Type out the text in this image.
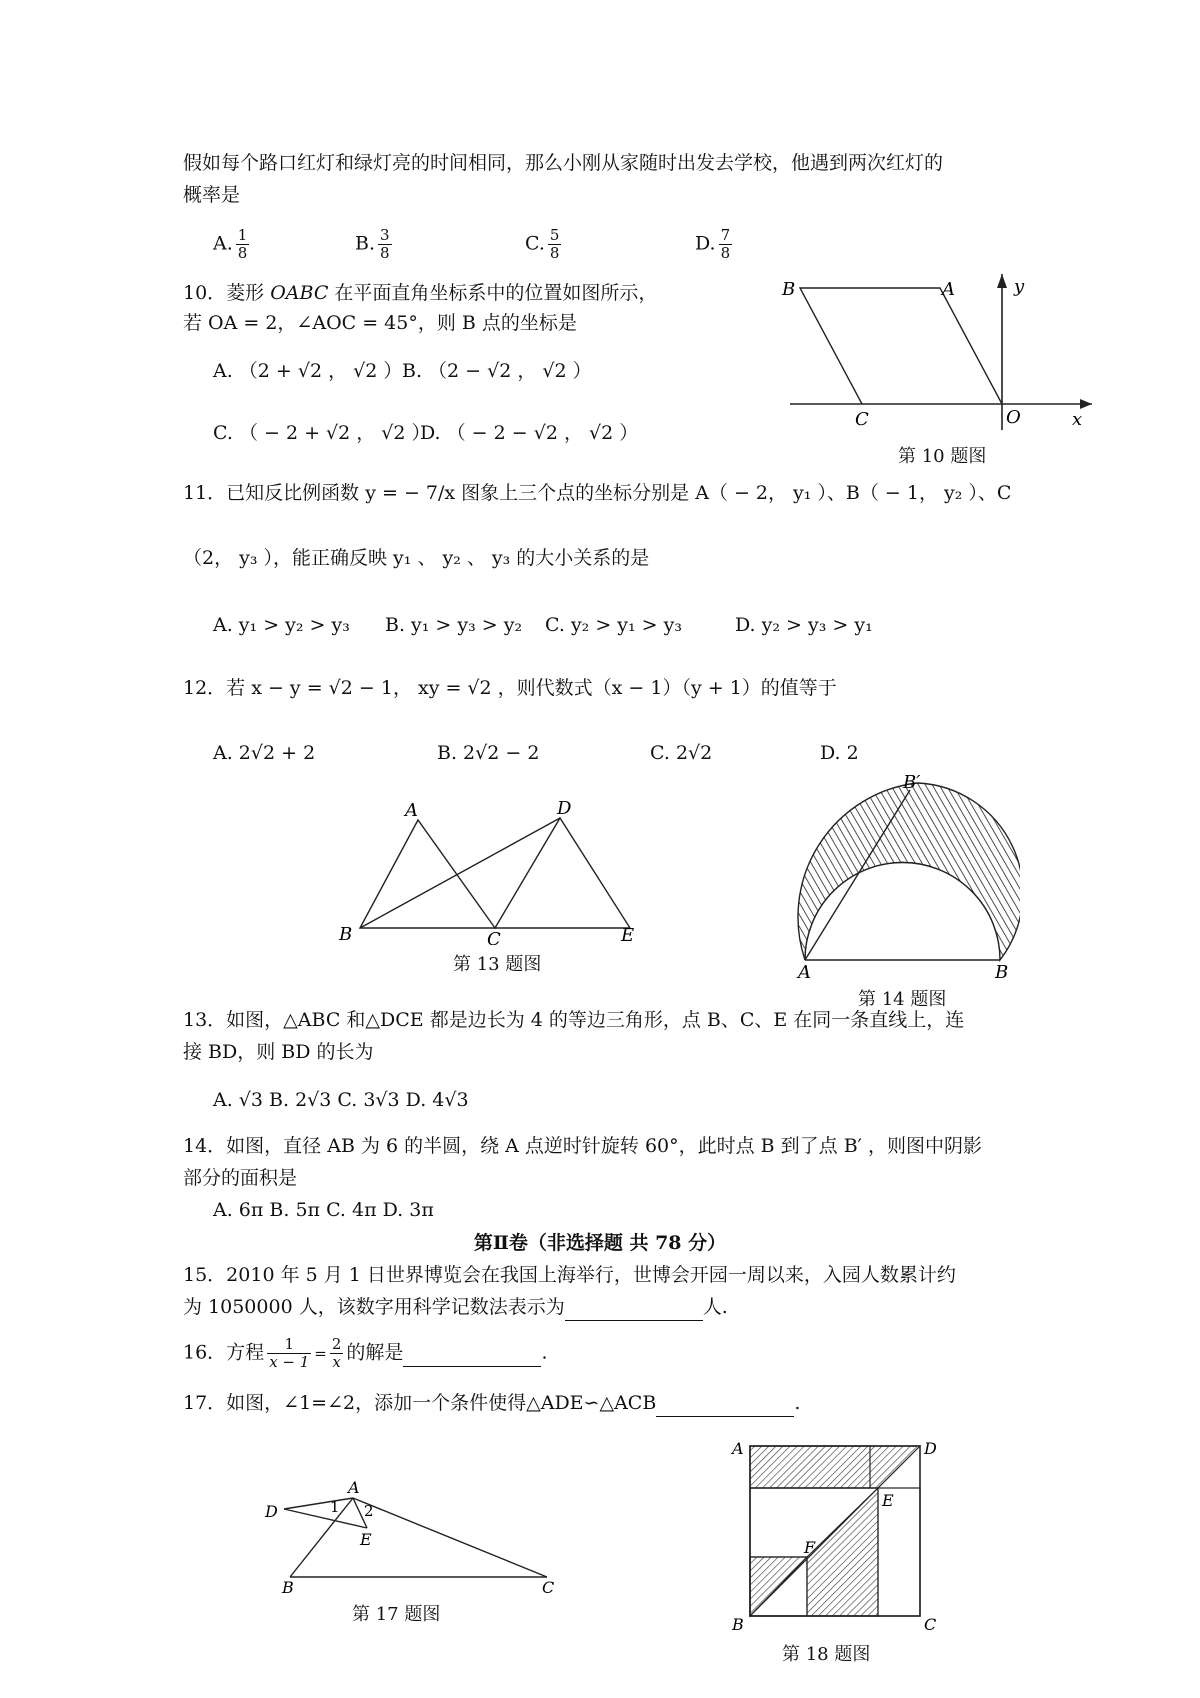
假如每个路口红灯和绿灯亮的时间相同，那么小刚从家随时出发去学校，他遇到两次红灯的
概率是
A. $\frac{1}{8}$	B. $\frac{3}{8}$	C. $\frac{5}{8}$	D. $\frac{7}{8}$
10．菱形 OABC 在平面直角坐标系中的位置如图所示，
若 OA = 2，∠AOC = 45°，则 B 点的坐标是
A. （2 + √2 ， √2 ） B. （2 − √2 ， √2 ）
C. （ − 2 + √2 ， √2 ）
D. （ − 2 − √2 ， √2 ）
B	A	y
C	O	x
第 10 题图
11．已知反比例函数 y = − 7/x 图象上三个点的坐标分别是 A（ − 2， y₁ ）、B（ − 1， y₂ ）、C
（2， y₃ ），能正确反映 y₁ 、 y₂ 、 y₃ 的大小关系的是
A. y₁ > y₂ > y₃ B. y₁ > y₃ > y₂ C. y₂ > y₁ > y₃	D. y₂ > y₃ > y₁
12．若 x − y = √2 − 1， xy = √2 ，则代数式（x − 1）（y + 1）的值等于
A. 2√2 + 2	B. 2√2 − 2	C. 2√2	D. 2
A	D
B	C	E
第 13 题图
B′
A	B
第 14 题图
13．如图，△ABC 和△DCE 都是边长为 4 的等边三角形，点 B、C、E 在同一条直线上，连
接 BD，则 BD 的长为
A. √3 B. 2√3 C. 3√3 D. 4√3
14．如图，直径 AB 为 6 的半圆，绕 A 点逆时针旋转 60°，此时点 B 到了点 B′ ，则图中阴影
部分的面积是
A. 6π B. 5π C. 4π D. 3π
第Ⅱ卷（非选择题 共 78 分）
15．2010 年 5 月 1 日世界博览会在我国上海举行，世博会开园一周以来，入园人数累计约
为 1050000 人，该数字用科学记数法表示为	人.
16．方程 $\frac{1}{x - 1} = \frac{2}{x}$ 的解是	.
17．如图，∠1=∠2，添加一个条件使得△ADE∽△ACB	.
A
D
E
1 2
B	C
第 17 题图
A	D
E
F
B	C
第 18 题图
